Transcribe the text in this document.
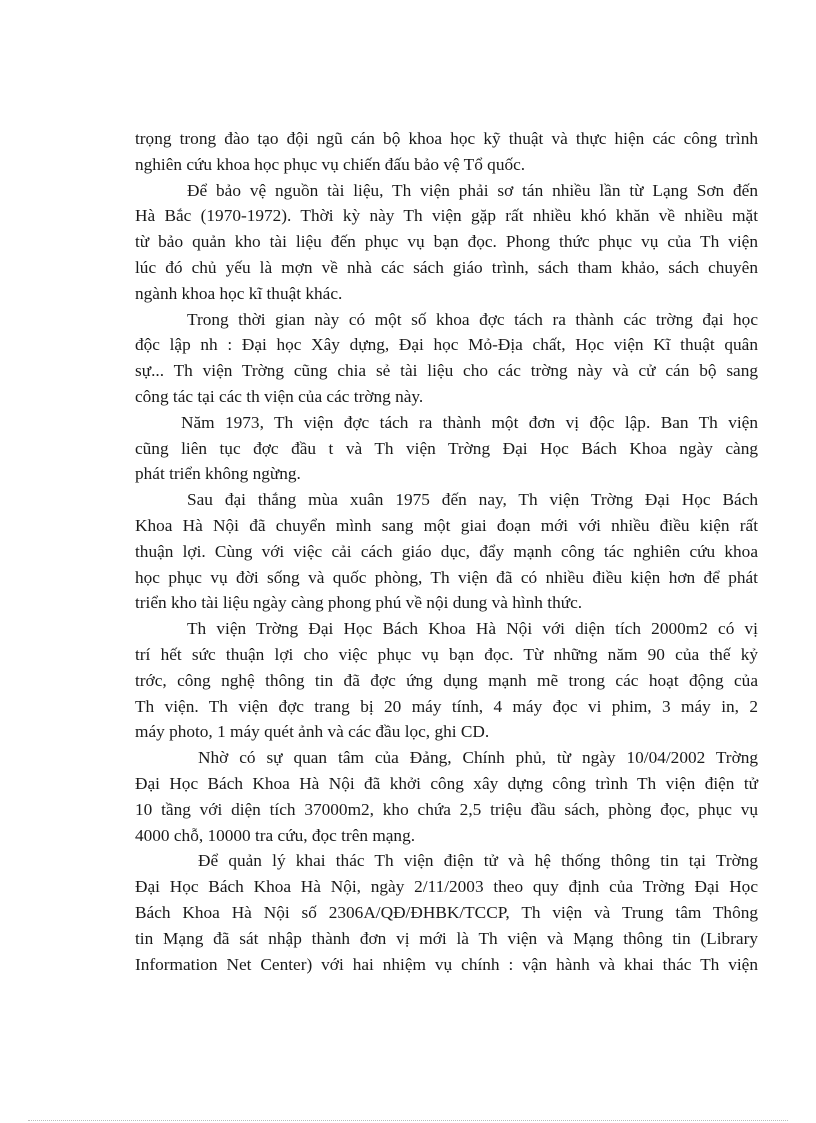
trọng trong đào tạo đội ngũ cán bộ khoa học kỹ thuật và thực hiện các công trình
nghiên cứu khoa học phục vụ chiến đấu bảo vệ Tổ quốc.
Để bảo vệ nguồn tài liệu, Th viện phải sơ tán nhiều lần từ Lạng Sơn đến
Hà Bắc (1970-1972). Thời kỳ này Th viện gặp rất nhiều khó khăn về nhiều mặt
từ bảo quản kho tài liệu đến phục vụ bạn đọc. Phong thức phục vụ của Th viện
lúc đó chủ yếu là mợn về nhà các sách giáo trình, sách tham khảo, sách chuyên
ngành khoa học kĩ thuật khác.
Trong thời gian này có một số khoa đợc tách ra thành các trờng đại học
độc lập nh : Đại học Xây dựng, Đại học Mỏ-Địa chất, Học viện Kĩ thuật quân
sự... Th viện Trờng cũng chia sẻ tài liệu cho các trờng này và cử cán bộ sang
công tác tại các th viện của các trờng này.
Năm 1973, Th viện đợc tách ra thành một đơn vị độc lập. Ban Th viện
cũng liên tục đợc đầu t và Th viện Trờng Đại Học Bách Khoa ngày càng
phát triển không ngừng.
Sau đại thắng mùa xuân 1975 đến nay, Th viện Trờng Đại Học Bách
Khoa Hà Nội đã chuyển mình sang một giai đoạn mới với nhiều điều kiện rất
thuận lợi. Cùng với việc cải cách giáo dục, đẩy mạnh công tác nghiên cứu khoa
học phục vụ đời sống và quốc phòng, Th viện đã có nhiều điều kiện hơn để phát
triển kho tài liệu ngày càng phong phú về nội dung và hình thức.
Th viện Trờng Đại Học Bách Khoa Hà Nội với diện tích 2000m2 có vị
trí hết sức thuận lợi cho việc phục vụ bạn đọc. Từ những năm 90 của thế kỷ
trớc, công nghệ thông tin đã đợc ứng dụng mạnh mẽ trong các hoạt động của
Th viện. Th viện đợc trang bị 20 máy tính, 4 máy đọc vi phim, 3 máy in, 2
máy photo, 1 máy quét ảnh và các đầu lọc, ghi CD.
Nhờ có sự quan tâm của Đảng, Chính phủ, từ ngày 10/04/2002 Trờng
Đại Học Bách Khoa Hà Nội đã khởi công xây dựng công trình Th viện điện tử
10 tầng với diện tích 37000m2, kho chứa 2,5 triệu đầu sách, phòng đọc, phục vụ
4000 chỗ, 10000 tra cứu, đọc trên mạng.
Để quản lý khai thác Th viện điện tử và hệ thống thông tin tại Trờng
Đại Học Bách Khoa Hà Nội, ngày 2/11/2003 theo quy định của Trờng Đại Học
Bách Khoa Hà Nội số 2306A/QĐ/ĐHBK/TCCP, Th viện và Trung tâm Thông
tin Mạng đã sát nhập thành đơn vị mới là Th viện và Mạng thông tin (Library
Information Net Center) với hai nhiệm vụ chính : vận hành và khai thác Th viện
